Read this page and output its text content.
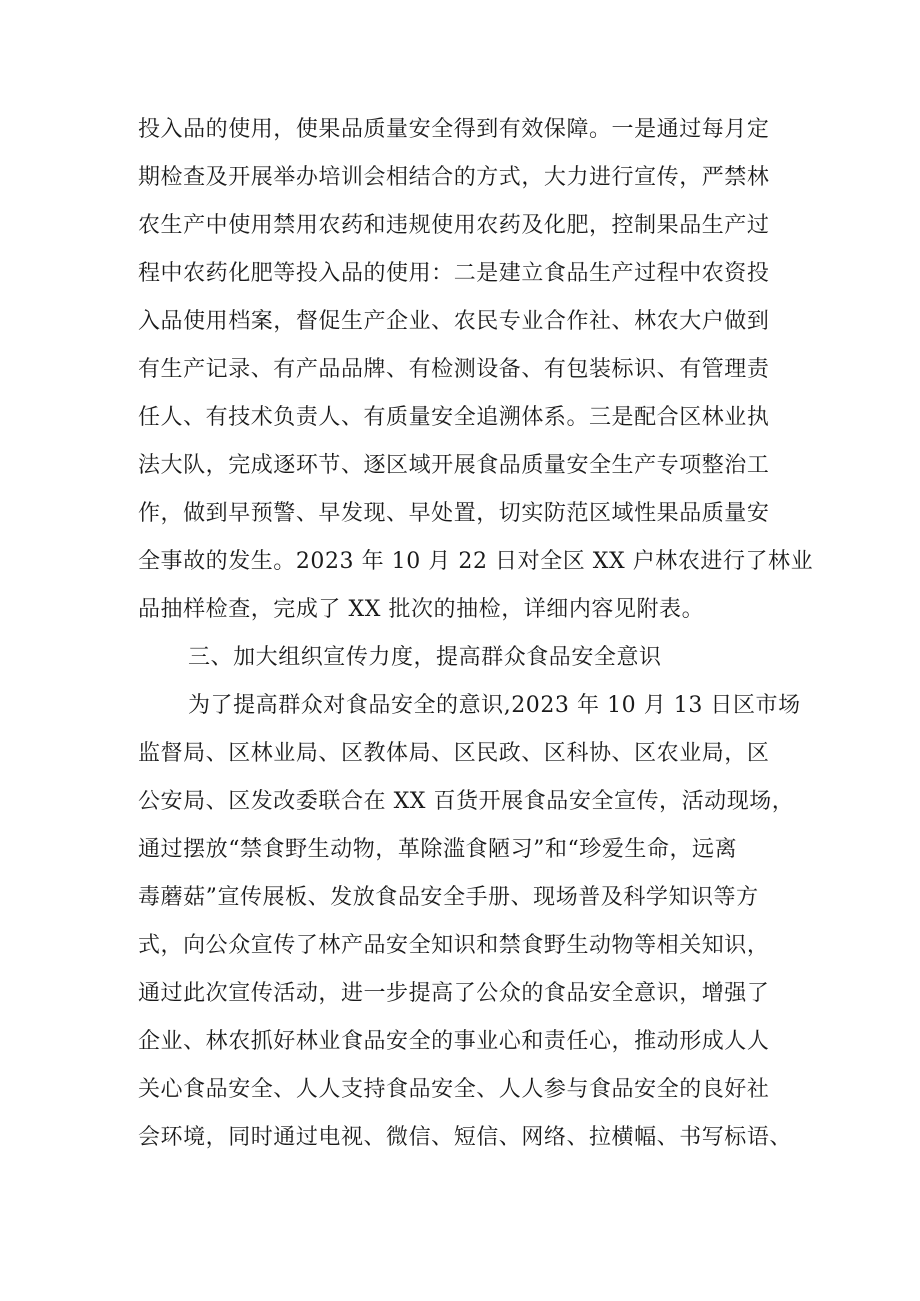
投入品的使用，使果品质量安全得到有效保障。一是通过每月定
期检查及开展举办培训会相结合的方式，大力进行宣传，严禁林
农生产中使用禁用农药和违规使用农药及化肥，控制果品生产过
程中农药化肥等投入品的使用：二是建立食品生产过程中农资投
入品使用档案，督促生产企业、农民专业合作社、林农大户做到
有生产记录、有产品品牌、有检测设备、有包装标识、有管理责
任人、有技术负责人、有质量安全追溯体系。三是配合区林业执
法大队，完成逐环节、逐区域开展食品质量安全生产专项整治工
作，做到早预警、早发现、早处置，切实防范区域性果品质量安
全事故的发生。2023 年 10 月 22 日对全区 XX 户林农进行了林业
品抽样检查，完成了 XX 批次的抽检，详细内容见附表。
三、加大组织宣传力度，提高群众食品安全意识
为了提高群众对食品安全的意识,2023 年 10 月 13 日区市场
监督局、区林业局、区教体局、区民政、区科协、区农业局，区
公安局、区发改委联合在 XX 百货开展食品安全宣传，活动现场，
通过摆放“禁食野生动物，革除滥食陋习”和“珍爱生命，远离
毒蘑菇”宣传展板、发放食品安全手册、现场普及科学知识等方
式，向公众宣传了林产品安全知识和禁食野生动物等相关知识，
通过此次宣传活动，进一步提高了公众的食品安全意识，增强了
企业、林农抓好林业食品安全的事业心和责任心，推动形成人人
关心食品安全、人人支持食品安全、人人参与食品安全的良好社
会环境，同时通过电视、微信、短信、网络、拉横幅、书写标语、
